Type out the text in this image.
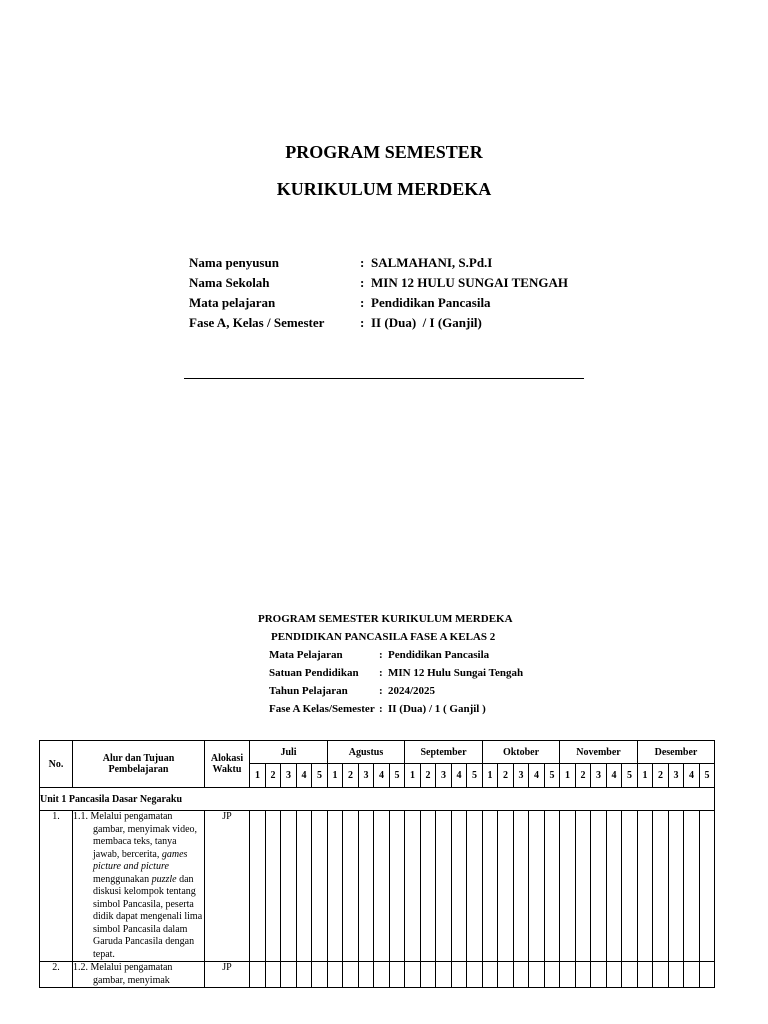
PROGRAM SEMESTER
KURIKULUM MERDEKA
Nama penyusun	: SALMAHANI, S.Pd.I
Nama Sekolah	: MIN 12 HULU SUNGAI TENGAH
Mata pelajaran	: Pendidikan Pancasila
Fase A, Kelas / Semester	: II (Dua)  / I (Ganjil)
PROGRAM SEMESTER KURIKULUM MERDEKA
PENDIDIKAN PANCASILA FASE A KELAS 2
Mata Pelajaran	: Pendidikan Pancasila
Satuan Pendidikan	: MIN 12 Hulu Sungai Tengah
Tahun Pelajaran	: 2024/2025
Fase A Kelas/Semester : II (Dua) / 1 ( Ganjil )
No.	Alur dan Tujuan Pembelajaran	Alokasi Waktu	Juli					Agustus					September					Oktober					November					Desember				
			1	2	3	4	5	1	2	3	4	5	1	2	3	4	5	1	2	3	4	5	1	2	3	4	5	1	2	3	4	5
Unit 1 Pancasila Dasar Negaraku																																
1.	1.1. Melalui pengamatan gambar, menyimak video, membaca teks, tanya jawab, bercerita, games picture and picture menggunakan puzzle dan diskusi kelompok tentang simbol Pancasila, peserta didik dapat mengenali lima simbol Pancasila dalam Garuda Pancasila dengan tepat.	JP																														
2.	1.2. Melalui pengamatan gambar, menyimak	JP																														
